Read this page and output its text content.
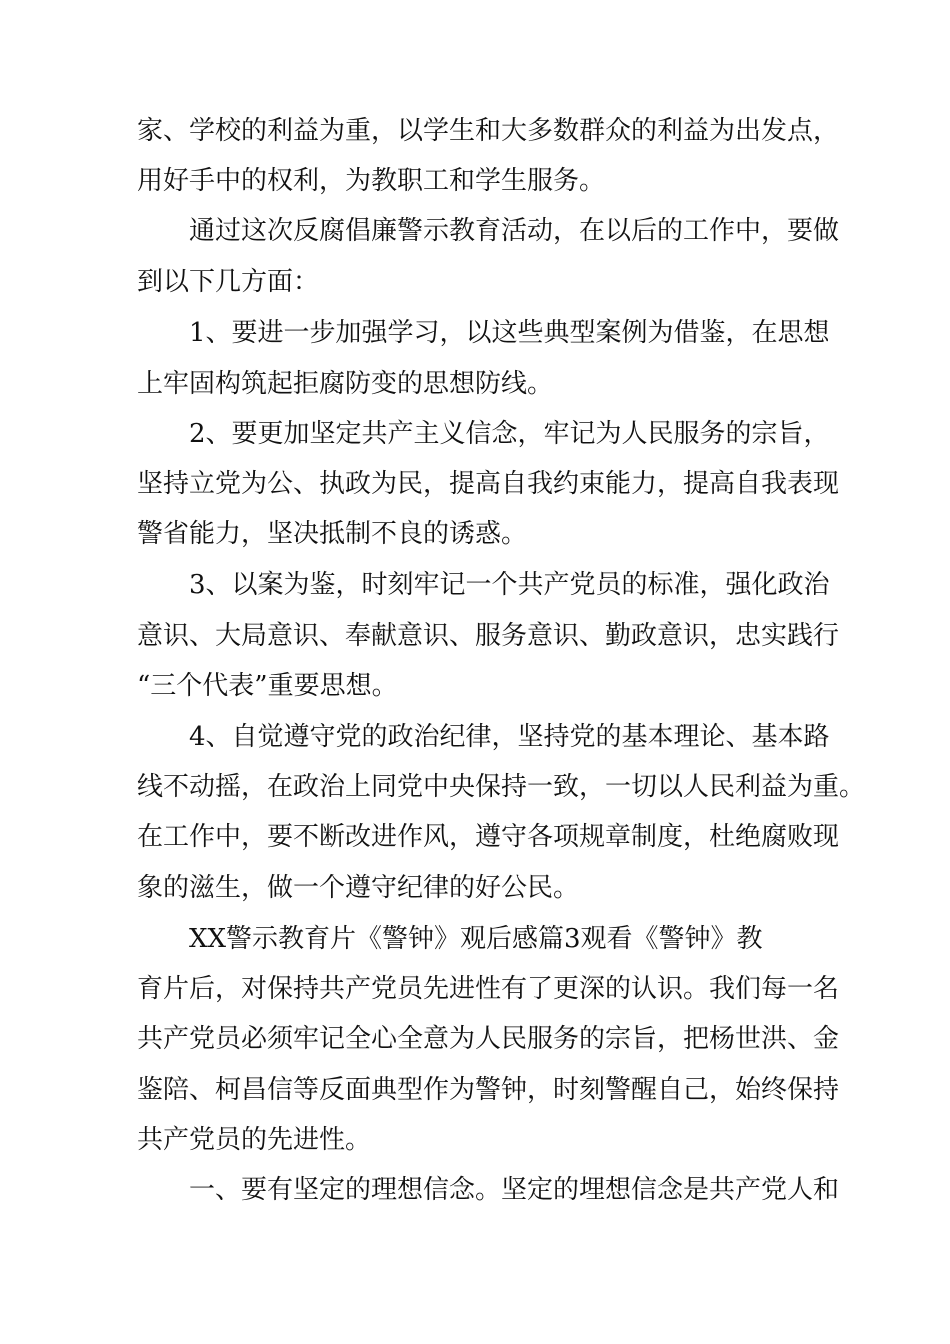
家、学校的利益为重，以学生和大多数群众的利益为出发点，
用好手中的权利，为教职工和学生服务。
通过这次反腐倡廉警示教育活动，在以后的工作中，要做
到以下几方面：
1、要进一步加强学习，以这些典型案例为借鉴，在思想
上牢固构筑起拒腐防变的思想防线。
2、要更加坚定共产主义信念，牢记为人民服务的宗旨，
坚持立党为公、执政为民，提高自我约束能力，提高自我表现
警省能力，坚决抵制不良的诱惑。
3、以案为鉴，时刻牢记一个共产党员的标准，强化政治
意识、大局意识、奉献意识、服务意识、勤政意识，忠实践行
“三个代表”重要思想。
4、自觉遵守党的政治纪律，坚持党的基本理论、基本路
线不动摇，在政治上同党中央保持一致，一切以人民利益为重。
在工作中，要不断改进作风，遵守各项规章制度，杜绝腐败现
象的滋生，做一个遵守纪律的好公民。
XX警示教育片《警钟》观后感篇3观看《警钟》教
育片后，对保持共产党员先进性有了更深的认识。我们每一名
共产党员必须牢记全心全意为人民服务的宗旨，把杨世洪、金
鉴陪、柯昌信等反面典型作为警钟，时刻警醒自己，始终保持
共产党员的先进性。
一、要有坚定的理想信念。坚定的埋想信念是共产党人和
